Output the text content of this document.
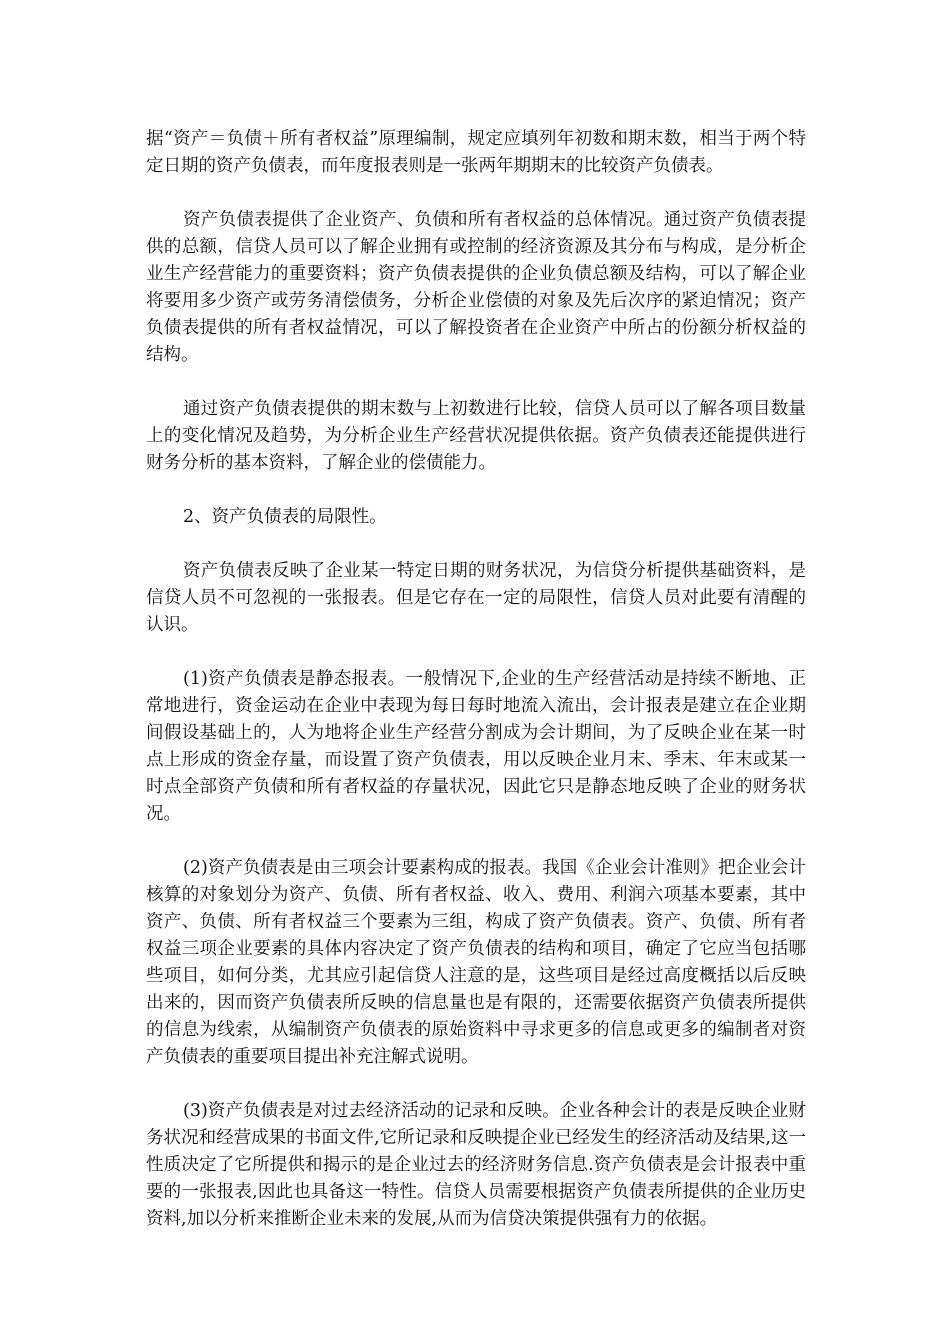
据“资产＝负债＋所有者权益”原理编制，规定应填列年初数和期末数，相当于两个特定日期的资产负债表，而年度报表则是一张两年期期末的比较资产负债表。

资产负债表提供了企业资产、负债和所有者权益的总体情况。通过资产负债表提供的总额，信贷人员可以了解企业拥有或控制的经济资源及其分布与构成，是分析企业生产经营能力的重要资料；资产负债表提供的企业负债总额及结构，可以了解企业将要用多少资产或劳务清偿债务，分析企业偿债的对象及先后次序的紧迫情况；资产负债表提供的所有者权益情况，可以了解投资者在企业资产中所占的份额分析权益的结构。

通过资产负债表提供的期末数与上初数进行比较，信贷人员可以了解各项目数量上的变化情况及趋势，为分析企业生产经营状况提供依据。资产负债表还能提供进行财务分析的基本资料，了解企业的偿债能力。

2、资产负债表的局限性。

资产负债表反映了企业某一特定日期的财务状况，为信贷分析提供基础资料，是信贷人员不可忽视的一张报表。但是它存在一定的局限性，信贷人员对此要有清醒的认识。

(1)资产负债表是静态报表。一般情况下,企业的生产经营活动是持续不断地、正常地进行，资金运动在企业中表现为每日每时地流入流出，会计报表是建立在企业期间假设基础上的，人为地将企业生产经营分割成为会计期间，为了反映企业在某一时点上形成的资金存量，而设置了资产负债表，用以反映企业月末、季末、年末或某一时点全部资产负债和所有者权益的存量状况，因此它只是静态地反映了企业的财务状况。

(2)资产负债表是由三项会计要素构成的报表。我国《企业会计准则》把企业会计核算的对象划分为资产、负债、所有者权益、收入、费用、利润六项基本要素，其中资产、负债、所有者权益三个要素为三组，构成了资产负债表。资产、负债、所有者权益三项企业要素的具体内容决定了资产负债表的结构和项目，确定了它应当包括哪些项目，如何分类，尤其应引起信贷人注意的是，这些项目是经过高度概括以后反映出来的，因而资产负债表所反映的信息量也是有限的，还需要依据资产负债表所提供的信息为线索，从编制资产负债表的原始资料中寻求更多的信息或更多的编制者对资产负债表的重要项目提出补充注解式说明。

(3)资产负债表是对过去经济活动的记录和反映。企业各种会计的表是反映企业财务状况和经营成果的书面文件,它所记录和反映提企业已经发生的经济活动及结果,这一性质决定了它所提供和揭示的是企业过去的经济财务信息.资产负债表是会计报表中重要的一张报表,因此也具备这一特性。信贷人员需要根据资产负债表所提供的企业历史资料,加以分析来推断企业未来的发展,从而为信贷决策提供强有力的依据。
